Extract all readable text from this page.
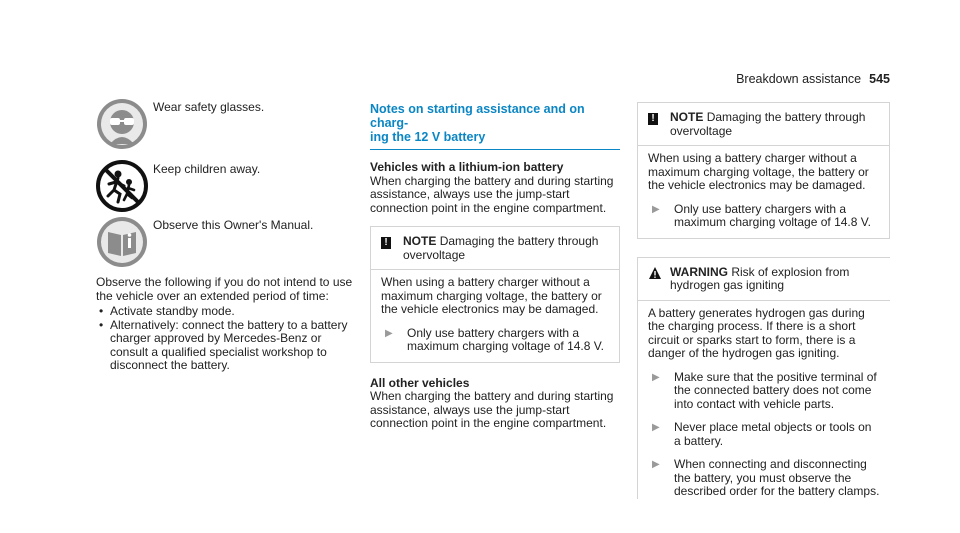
Breakdown assistance 545
Wear safety glasses.
Keep children away.
Observe this Owner's Manual.

Observe the following if you do not intend to use the vehicle over an extended period of time:

• Activate standby mode.
• Alternatively: connect the battery to a battery charger approved by Mercedes-Benz or consult a qualified specialist workshop to disconnect the battery.
Notes on starting assistance and on charg-
ing the 12 V battery
Vehicles with a lithium-ion battery

When charging the battery and during starting assistance, always use the jump-start connection point in the engine compartment.

!	NOTE Damaging the battery through overvoltage

When using a battery charger without a maximum charging voltage, the battery or the vehicle electronics may be damaged.

▶	Only use battery chargers with a maximum charging voltage of 14.8 V.
All other vehicles

When charging the battery and during starting assistance, always use the jump-start connection point in the engine compartment.

!	NOTE Damaging the battery through overvoltage

When using a battery charger without a maximum charging voltage, the battery or the vehicle electronics may be damaged.

▶	Only use battery chargers with a maximum charging voltage of 14.8 V.
WARNING Risk of explosion from hydrogen gas igniting

A battery generates hydrogen gas during the charging process. If there is a short circuit or sparks start to form, there is a danger of the hydrogen gas igniting.

▶	Make sure that the positive terminal of the connected battery does not come into contact with vehicle parts.
▶	Never place metal objects or tools on a battery.
▶	When connecting and disconnecting the battery, you must observe the described order for the battery clamps.
